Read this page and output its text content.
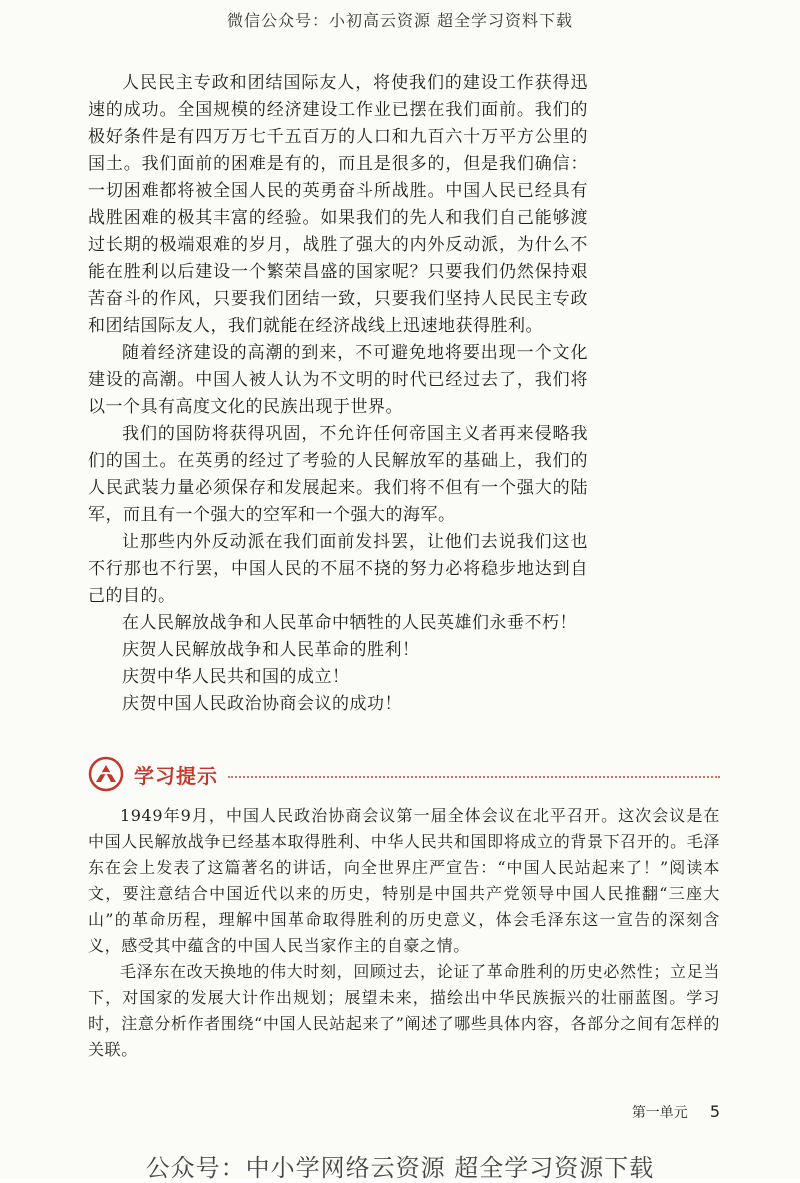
微信公众号：小初高云资源 超全学习资料下载

人民民主专政和团结国际友人，将使我们的建设工作获得迅速的成功。全国规模的经济建设工作业已摆在我们面前。我们的极好条件是有四万万七千五百万的人口和九百六十万平方公里的国土。我们面前的困难是有的，而且是很多的，但是我们确信：一切困难都将被全国人民的英勇奋斗所战胜。中国人民已经具有战胜困难的极其丰富的经验。如果我们的先人和我们自己能够渡过长期的极端艰难的岁月，战胜了强大的内外反动派，为什么不能在胜利以后建设一个繁荣昌盛的国家呢？只要我们仍然保持艰苦奋斗的作风，只要我们团结一致，只要我们坚持人民民主专政和团结国际友人，我们就能在经济战线上迅速地获得胜利。

随着经济建设的高潮的到来，不可避免地将要出现一个文化建设的高潮。中国人被人认为不文明的时代已经过去了，我们将以一个具有高度文化的民族出现于世界。

我们的国防将获得巩固，不允许任何帝国主义者再来侵略我们的国土。在英勇的经过了考验的人民解放军的基础上，我们的人民武装力量必须保存和发展起来。我们将不但有一个强大的陆军，而且有一个强大的空军和一个强大的海军。

让那些内外反动派在我们面前发抖罢，让他们去说我们这也不行那也不行罢，中国人民的不屈不挠的努力必将稳步地达到自己的目的。

在人民解放战争和人民革命中牺牲的人民英雄们永垂不朽！

庆贺人民解放战争和人民革命的胜利！

庆贺中华人民共和国的成立！

庆贺中国人民政治协商会议的成功！

学习提示

1949年9月，中国人民政治协商会议第一届全体会议在北平召开。这次会议是在中国人民解放战争已经基本取得胜利、中华人民共和国即将成立的背景下召开的。毛泽东在会上发表了这篇著名的讲话，向全世界庄严宣告：“中国人民站起来了！”阅读本文，要注意结合中国近代以来的历史，特别是中国共产党领导中国人民推翻“三座大山”的革命历程，理解中国革命取得胜利的历史意义，体会毛泽东这一宣告的深刻含义，感受其中蕴含的中国人民当家作主的自豪之情。

毛泽东在改天换地的伟大时刻，回顾过去，论证了革命胜利的历史必然性；立足当下，对国家的发展大计作出规划；展望未来，描绘出中华民族振兴的壮丽蓝图。学习时，注意分析作者围绕“中国人民站起来了”阐述了哪些具体内容，各部分之间有怎样的关联。

第一单元 5
公众号：中小学网络云资源 超全学习资源下载
